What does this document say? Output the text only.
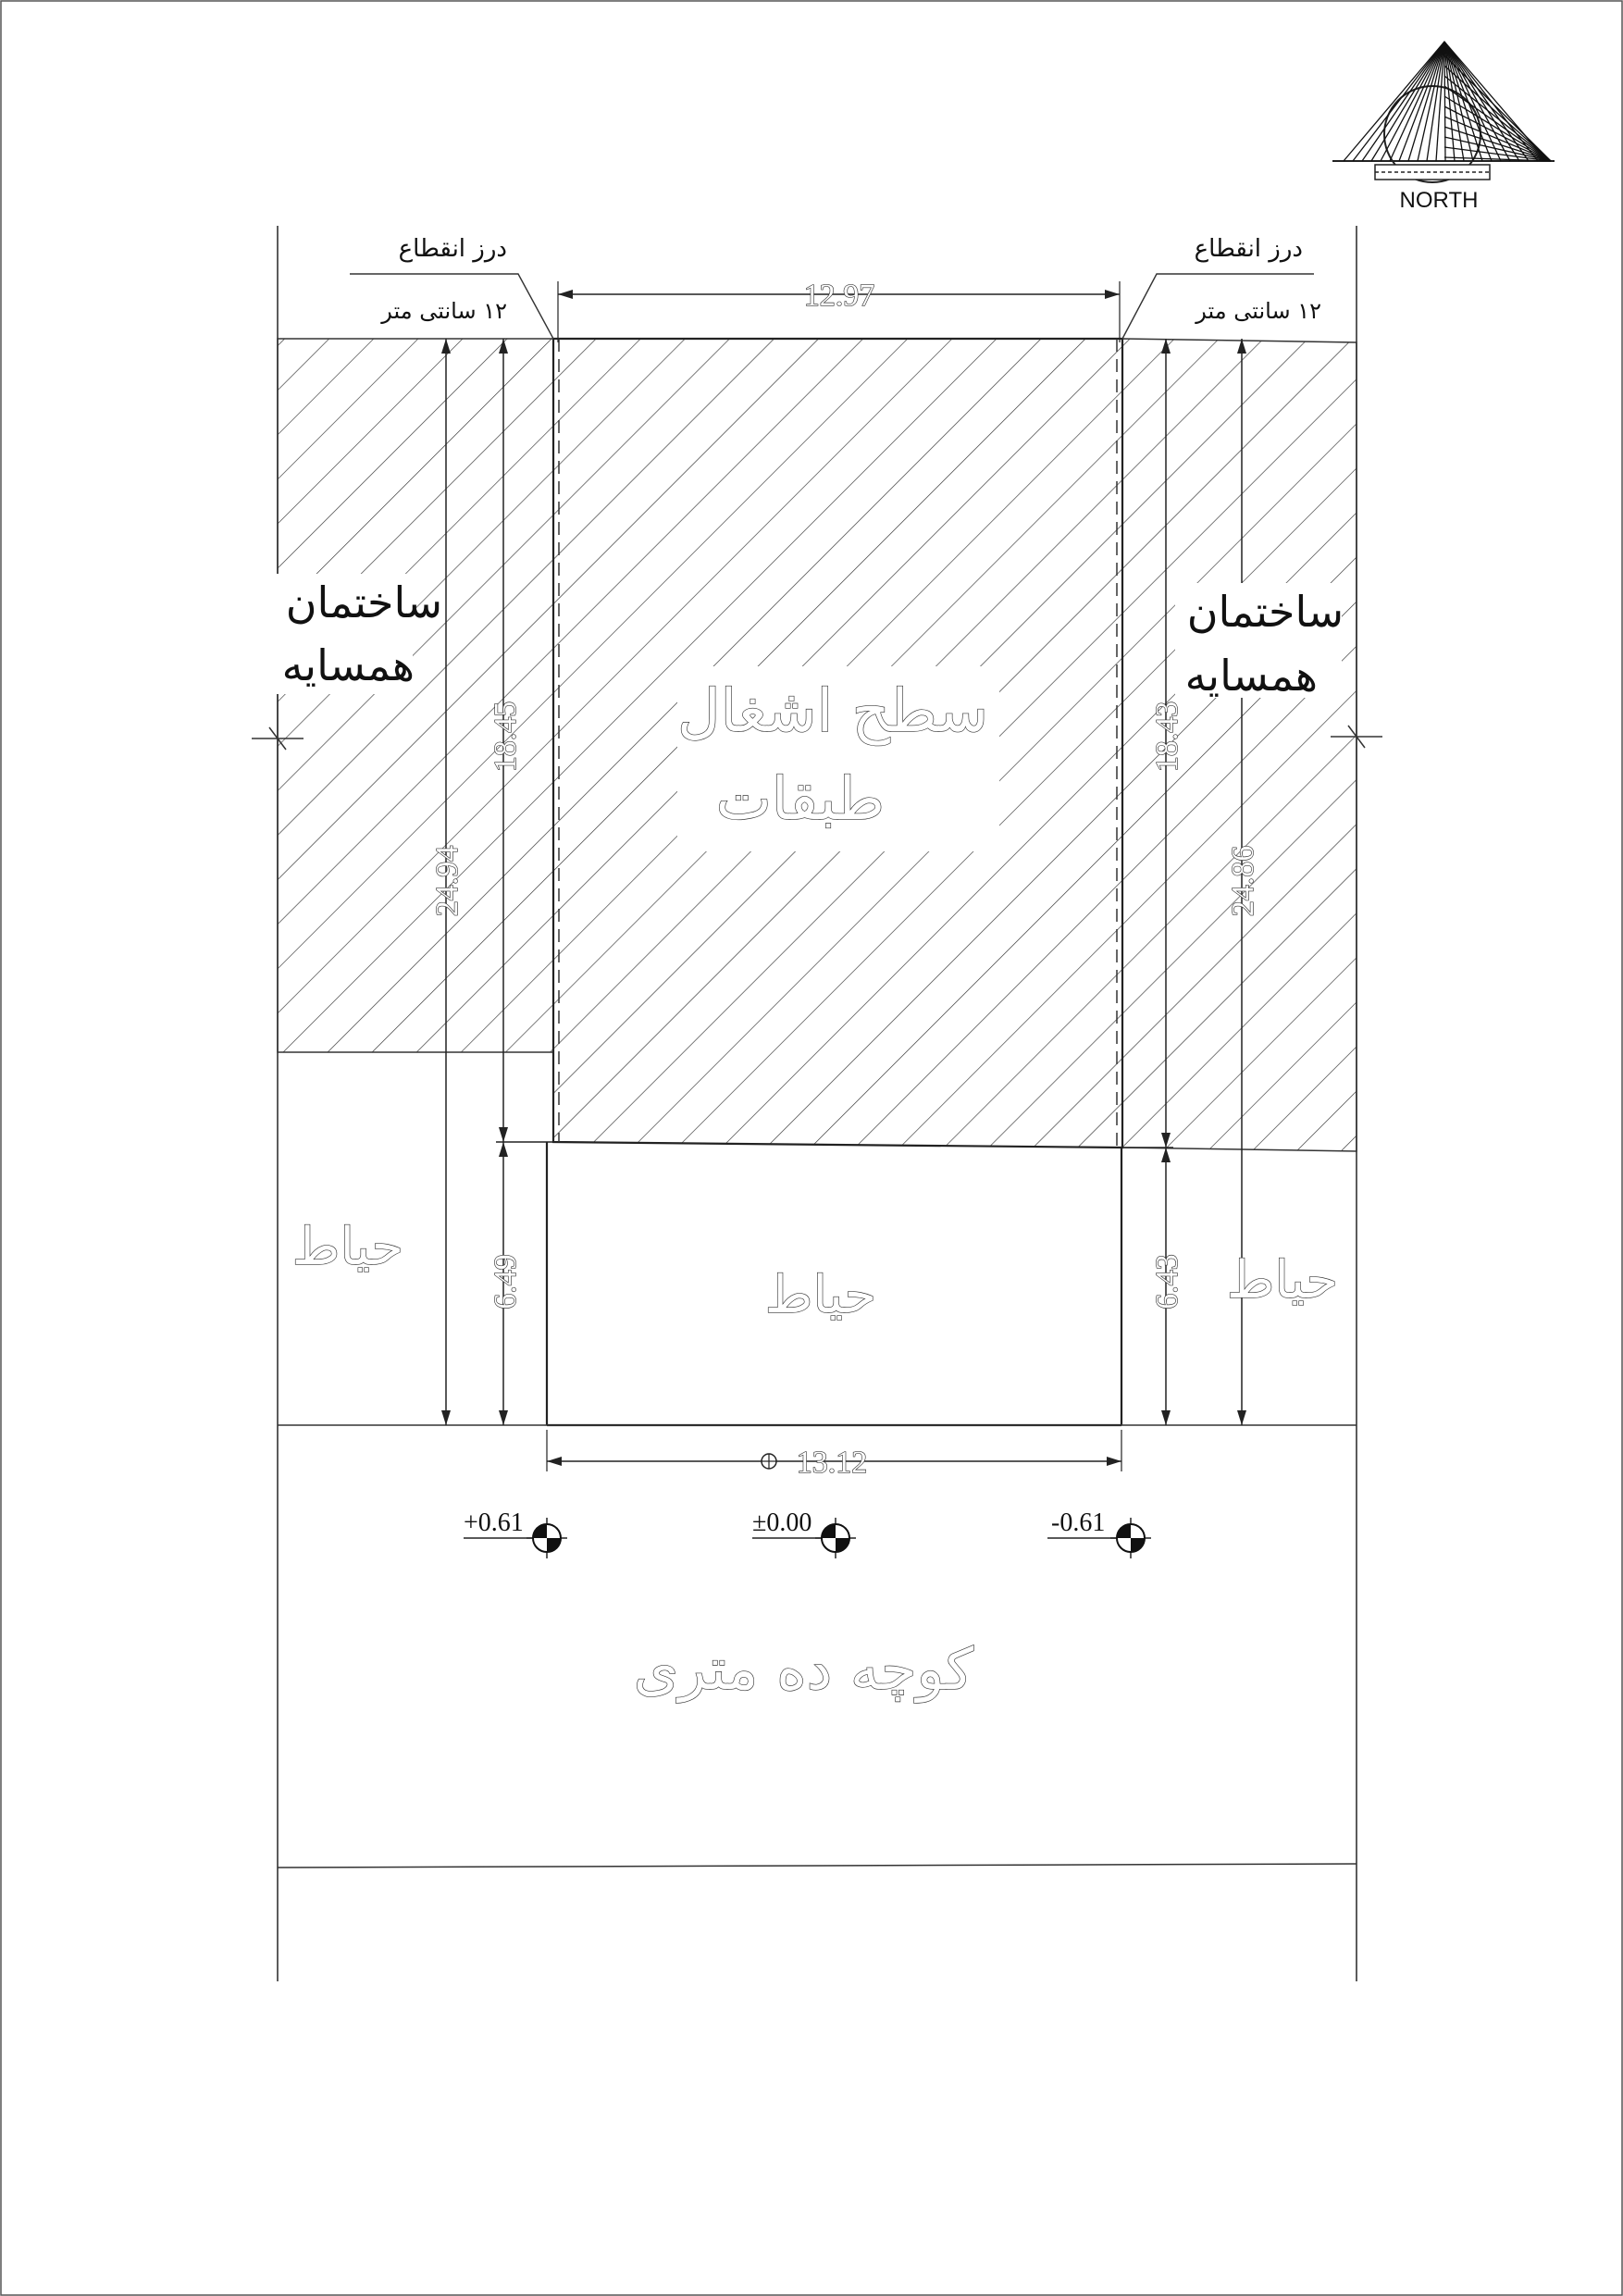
NORTH
12.97
13.12
24.94
18.45
6.49
18.43
24.86
6.43
درز انقطاع
۱۲ سانتی متر
درز انقطاع
۱۲ سانتی متر
ساختمان
همسایه
ساختمان
همسایه
سطح اشغال
طبقات
حیاط
حیاط	حیاط
+0.61	±0.00	-0.61
کوچه ده متری
